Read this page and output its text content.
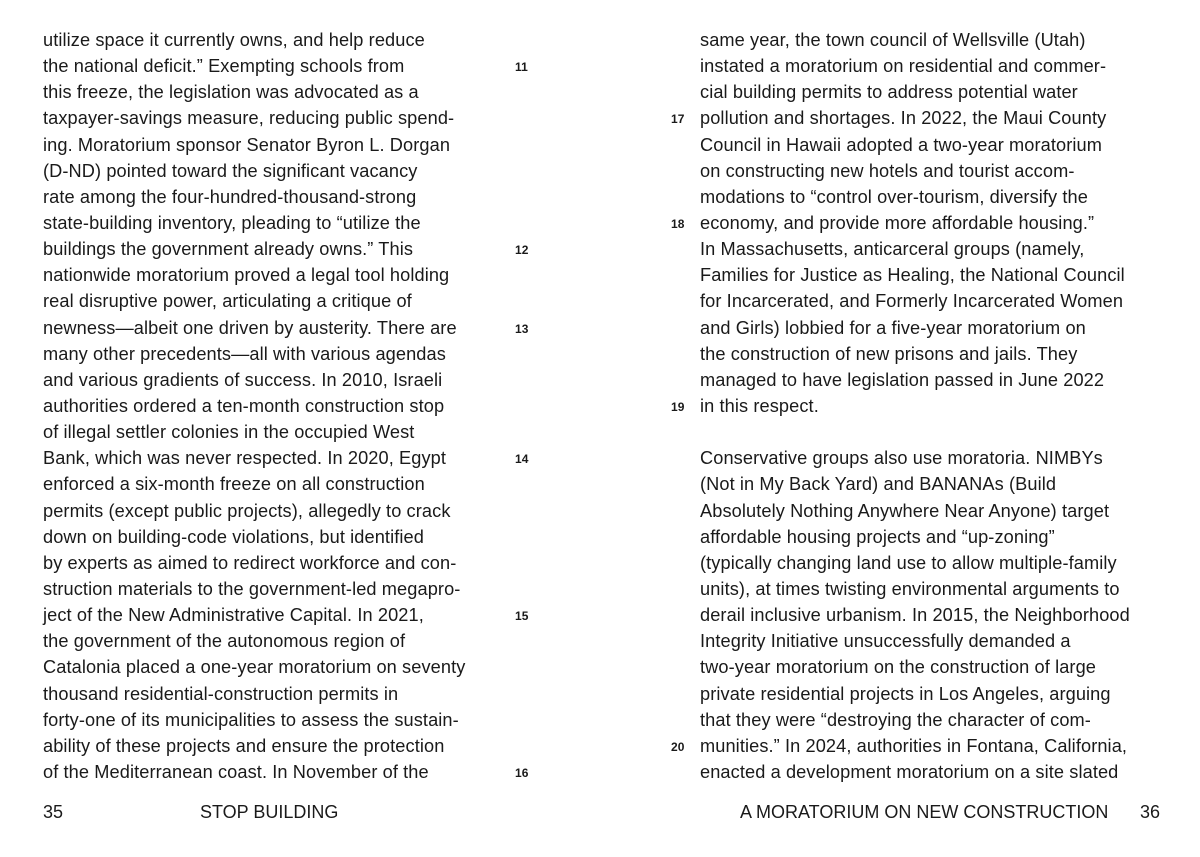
utilize space it currently owns, and help reduce
the national deficit.” Exempting schools from	11
this freeze, the legislation was advocated as a
taxpayer-savings measure, reducing public spend-
ing. Moratorium sponsor Senator Byron L. Dorgan
(D-ND) pointed toward the significant vacancy
rate among the four-hundred-thousand-strong
state-building inventory, pleading to “utilize the
buildings the government already owns.” This	12
nationwide moratorium proved a legal tool holding
real disruptive power, articulating a critique of
newness—albeit one driven by austerity. There are	13
many other precedents—all with various agendas
and various gradients of success. In 2010, Israeli
authorities ordered a ten-month construction stop
of illegal settler colonies in the occupied West
Bank, which was never respected. In 2020, Egypt	14
enforced a six-month freeze on all construction
permits (except public projects), allegedly to crack
down on building-code violations, but identified
by experts as aimed to redirect workforce and con-
struction materials to the government-led megapro-
ject of the New Administrative Capital. In 2021,	15
the government of the autonomous region of
Catalonia placed a one-year moratorium on seventy
thousand residential-construction permits in
forty-one of its municipalities to assess the sustain-
ability of these projects and ensure the protection
of the Mediterranean coast. In November of the	16
35	STOP BUILDING
same year, the town council of Wellsville (Utah)
instated a moratorium on residential and commer-
cial building permits to address potential water
pollution and shortages. In 2022, the Maui County
17
Council in Hawaii adopted a two-year moratorium
on constructing new hotels and tourist accom-
modations to “control over-tourism, diversify the
economy, and provide more affordable housing.”
18
In Massachusetts, anticarceral groups (namely,
Families for Justice as Healing, the National Council
for Incarcerated, and Formerly Incarcerated Women
and Girls) lobbied for a five-year moratorium on
the construction of new prisons and jails. They
managed to have legislation passed in June 2022
in this respect.
19
Conservative groups also use moratoria. NIMBYs
(Not in My Back Yard) and BANANAs (Build
Absolutely Nothing Anywhere Near Anyone) target
affordable housing projects and “up-zoning”
(typically changing land use to allow multiple-family
units), at times twisting environmental arguments to
derail inclusive urbanism. In 2015, the Neighborhood
Integrity Initiative unsuccessfully demanded a
two-year moratorium on the construction of large
private residential projects in Los Angeles, arguing
that they were “destroying the character of com-
munities.” In 2024, authorities in Fontana, California,
20
enacted a development moratorium on a site slated
A MORATORIUM ON NEW CONSTRUCTION 36
